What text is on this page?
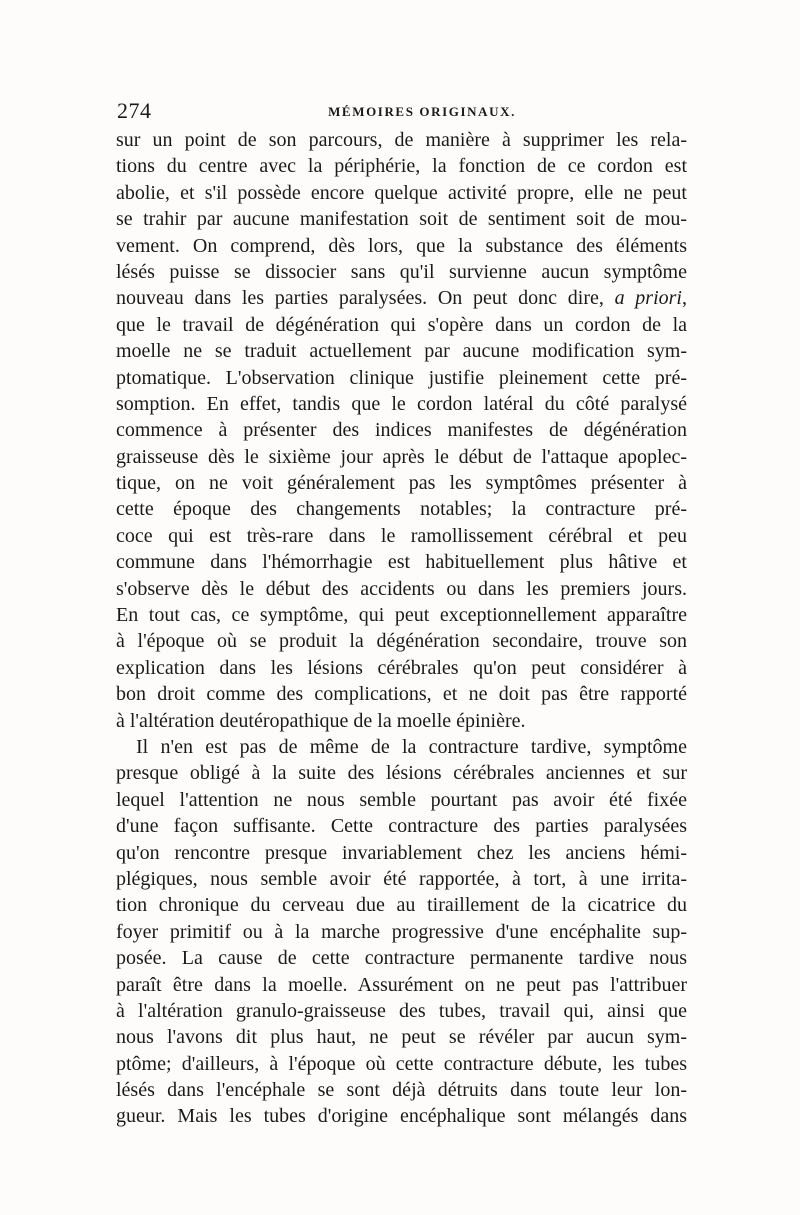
274	MÉMOIRES ORIGINAUX.
sur un point de son parcours, de manière à supprimer les rela-
tions du centre avec la périphérie, la fonction de ce cordon est
abolie, et s'il possède encore quelque activité propre, elle ne peut
se trahir par aucune manifestation soit de sentiment soit de mou-
vement. On comprend, dès lors, que la substance des éléments
lésés puisse se dissocier sans qu'il survienne aucun symptôme
nouveau dans les parties paralysées. On peut donc dire, a priori,
que le travail de dégénération qui s'opère dans un cordon de la
moelle ne se traduit actuellement par aucune modification sym-
ptomatique. L'observation clinique justifie pleinement cette pré-
somption. En effet, tandis que le cordon latéral du côté paralysé
commence à présenter des indices manifestes de dégénération
graisseuse dès le sixième jour après le début de l'attaque apoplec-
tique, on ne voit généralement pas les symptômes présenter à
cette époque des changements notables; la contracture pré-
coce qui est très-rare dans le ramollissement cérébral et peu
commune dans l'hémorrhagie est habituellement plus hâtive et
s'observe dès le début des accidents ou dans les premiers jours.
En tout cas, ce symptôme, qui peut exceptionnellement apparaître
à l'époque où se produit la dégénération secondaire, trouve son
explication dans les lésions cérébrales qu'on peut considérer à
bon droit comme des complications, et ne doit pas être rapporté
à l'altération deutéropathique de la moelle épinière.
Il n'en est pas de même de la contracture tardive, symptôme
presque obligé à la suite des lésions cérébrales anciennes et sur
lequel l'attention ne nous semble pourtant pas avoir été fixée
d'une façon suffisante. Cette contracture des parties paralysées
qu'on rencontre presque invariablement chez les anciens hémi-
plégiques, nous semble avoir été rapportée, à tort, à une irrita-
tion chronique du cerveau due au tiraillement de la cicatrice du
foyer primitif ou à la marche progressive d'une encéphalite sup-
posée. La cause de cette contracture permanente tardive nous
paraît être dans la moelle. Assurément on ne peut pas l'attribuer
à l'altération granulo-graisseuse des tubes, travail qui, ainsi que
nous l'avons dit plus haut, ne peut se révéler par aucun sym-
ptôme; d'ailleurs, à l'époque où cette contracture débute, les tubes
lésés dans l'encéphale se sont déjà détruits dans toute leur lon-
gueur. Mais les tubes d'origine encéphalique sont mélangés dans
